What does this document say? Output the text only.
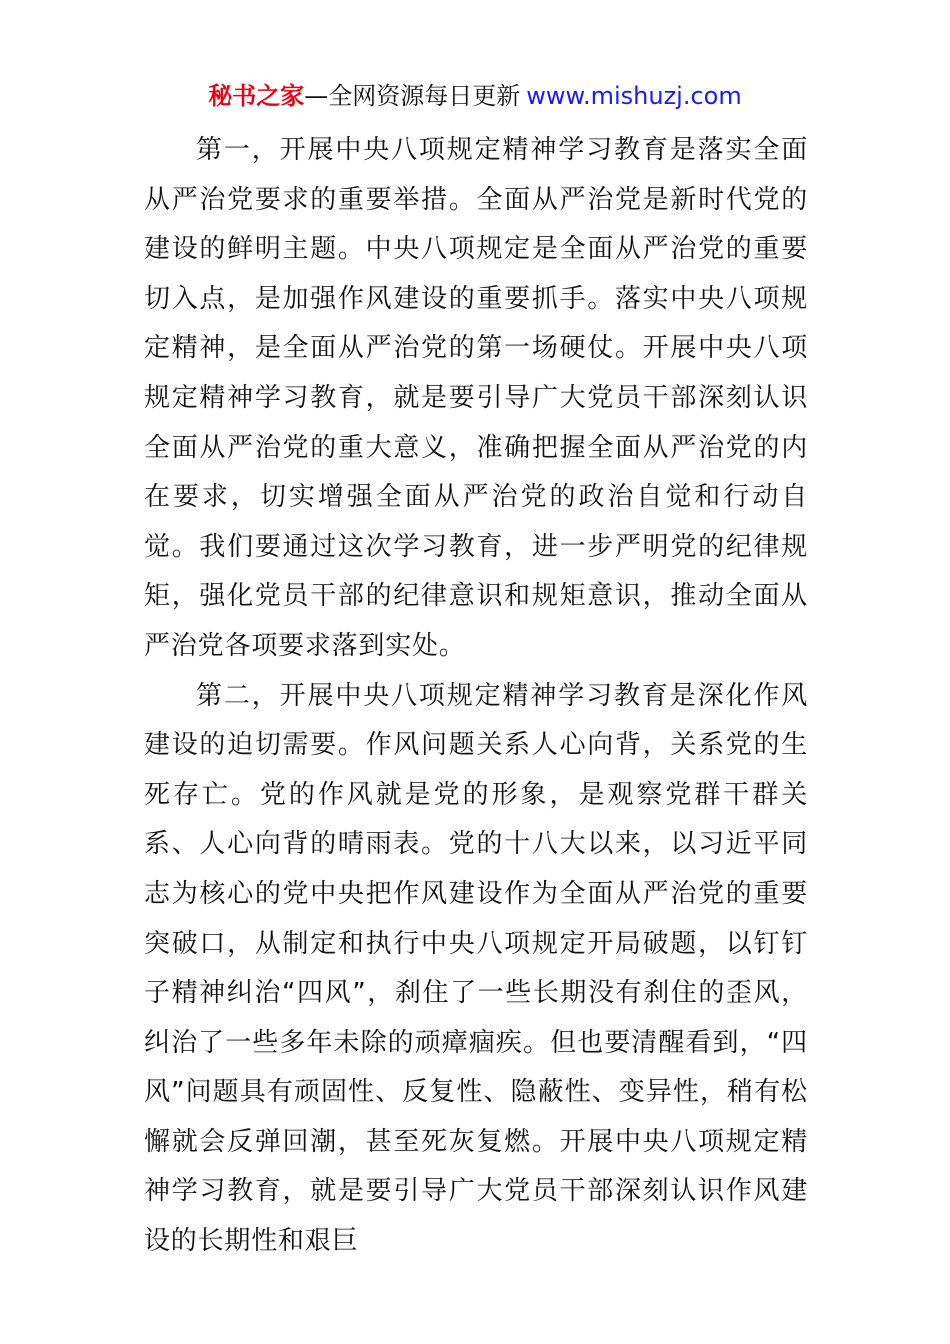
秘书之家—全网资源每日更新 www.mishuzj.com

第一，开展中央八项规定精神学习教育是落实全面从严治党要求的重要举措。全面从严治党是新时代党的建设的鲜明主题。中央八项规定是全面从严治党的重要切入点，是加强作风建设的重要抓手。落实中央八项规定精神，是全面从严治党的第一场硬仗。开展中央八项规定精神学习教育，就是要引导广大党员干部深刻认识全面从严治党的重大意义，准确把握全面从严治党的内在要求，切实增强全面从严治党的政治自觉和行动自觉。我们要通过这次学习教育，进一步严明党的纪律规矩，强化党员干部的纪律意识和规矩意识，推动全面从严治党各项要求落到实处。

第二，开展中央八项规定精神学习教育是深化作风建设的迫切需要。作风问题关系人心向背，关系党的生死存亡。党的作风就是党的形象，是观察党群干群关系、人心向背的晴雨表。党的十八大以来，以习近平同志为核心的党中央把作风建设作为全面从严治党的重要突破口，从制定和执行中央八项规定开局破题，以钉钉子精神纠治“四风”，刹住了一些长期没有刹住的歪风，纠治了一些多年未除的顽瘴痼疾。但也要清醒看到，“四风”问题具有顽固性、反复性、隐蔽性、变异性，稍有松懈就会反弹回潮，甚至死灰复燃。开展中央八项规定精神学习教育，就是要引导广大党员干部深刻认识作风建设的长期性和艰巨
